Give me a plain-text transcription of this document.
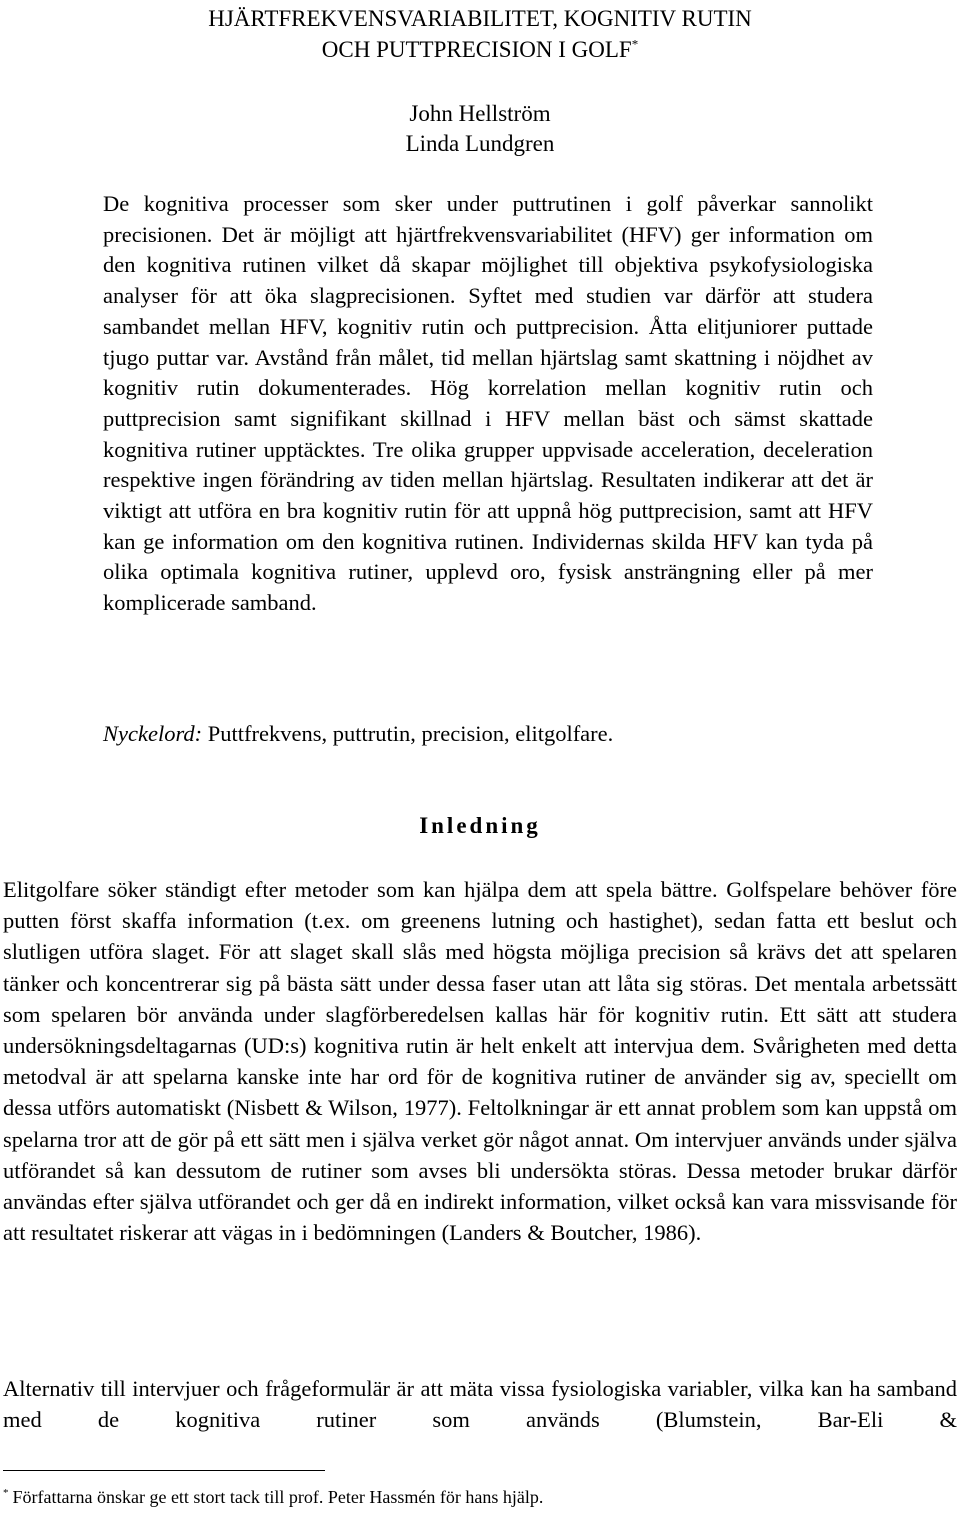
HJÄRTFREKVENSVARIABILITET, KOGNITIV RUTIN
OCH PUTTPRECISION I GOLF*
John Hellström
Linda Lundgren

De kognitiva processer som sker under puttrutinen i golf påverkar sannolikt precisionen. Det är möjligt att hjärtfrekvensvariabilitet (HFV) ger information om den kognitiva rutinen vilket då skapar möjlighet till objektiva psykofysiologiska analyser för att öka slagprecisionen. Syftet med studien var därför att studera sambandet mellan HFV, kognitiv rutin och puttprecision. Åtta elitjuniorer puttade tjugo puttar var. Avstånd från målet, tid mellan hjärtslag samt skattning i nöjdhet av kognitiv rutin dokumenterades. Hög korrelation mellan kognitiv rutin och puttprecision samt signifikant skillnad i HFV mellan bäst och sämst skattade kognitiva rutiner upptäcktes. Tre olika grupper uppvisade acceleration, deceleration respektive ingen förändring av tiden mellan hjärtslag. Resultaten indikerar att det är viktigt att utföra en bra kognitiv rutin för att uppnå hög puttprecision, samt att HFV kan ge information om den kognitiva rutinen. Individernas skilda HFV kan tyda på olika optimala kognitiva rutiner, upplevd oro, fysisk ansträngning eller på mer komplicerade samband.

Nyckelord: Puttfrekvens, puttrutin, precision, elitgolfare.

Inledning

Elitgolfare söker ständigt efter metoder som kan hjälpa dem att spela bättre. Golfspelare behöver före putten först skaffa information (t.ex. om greenens lutning och hastighet), sedan fatta ett beslut och slutligen utföra slaget. För att slaget skall slås med högsta möjliga precision så krävs det att spelaren tänker och koncentrerar sig på bästa sätt under dessa faser utan att låta sig störas. Det mentala arbetssätt som spelaren bör använda under slagförberedelsen kallas här för kognitiv rutin. Ett sätt att studera undersökningsdeltagarnas (UD:s) kognitiva rutin är helt enkelt att intervjua dem. Svårigheten med detta metodval är att spelarna kanske inte har ord för de kognitiva rutiner de använder sig av, speciellt om dessa utförs automatiskt (Nisbett & Wilson, 1977). Feltolkningar är ett annat problem som kan uppstå om spelarna tror att de gör på ett sätt men i själva verket gör något annat. Om intervjuer används under själva utförandet så kan dessutom de rutiner som avses bli undersökta störas. Dessa metoder brukar därför användas efter själva utförandet och ger då en indirekt information, vilket också kan vara missvisande för att resultatet riskerar att vägas in i bedömningen (Landers & Boutcher, 1986).

Alternativ till intervjuer och frågeformulär är att mäta vissa fysiologiska variabler, vilka kan ha samband med de kognitiva rutiner som används (Blumstein, Bar-Eli &

* Författarna önskar ge ett stort tack till prof. Peter Hassmén för hans hjälp.
